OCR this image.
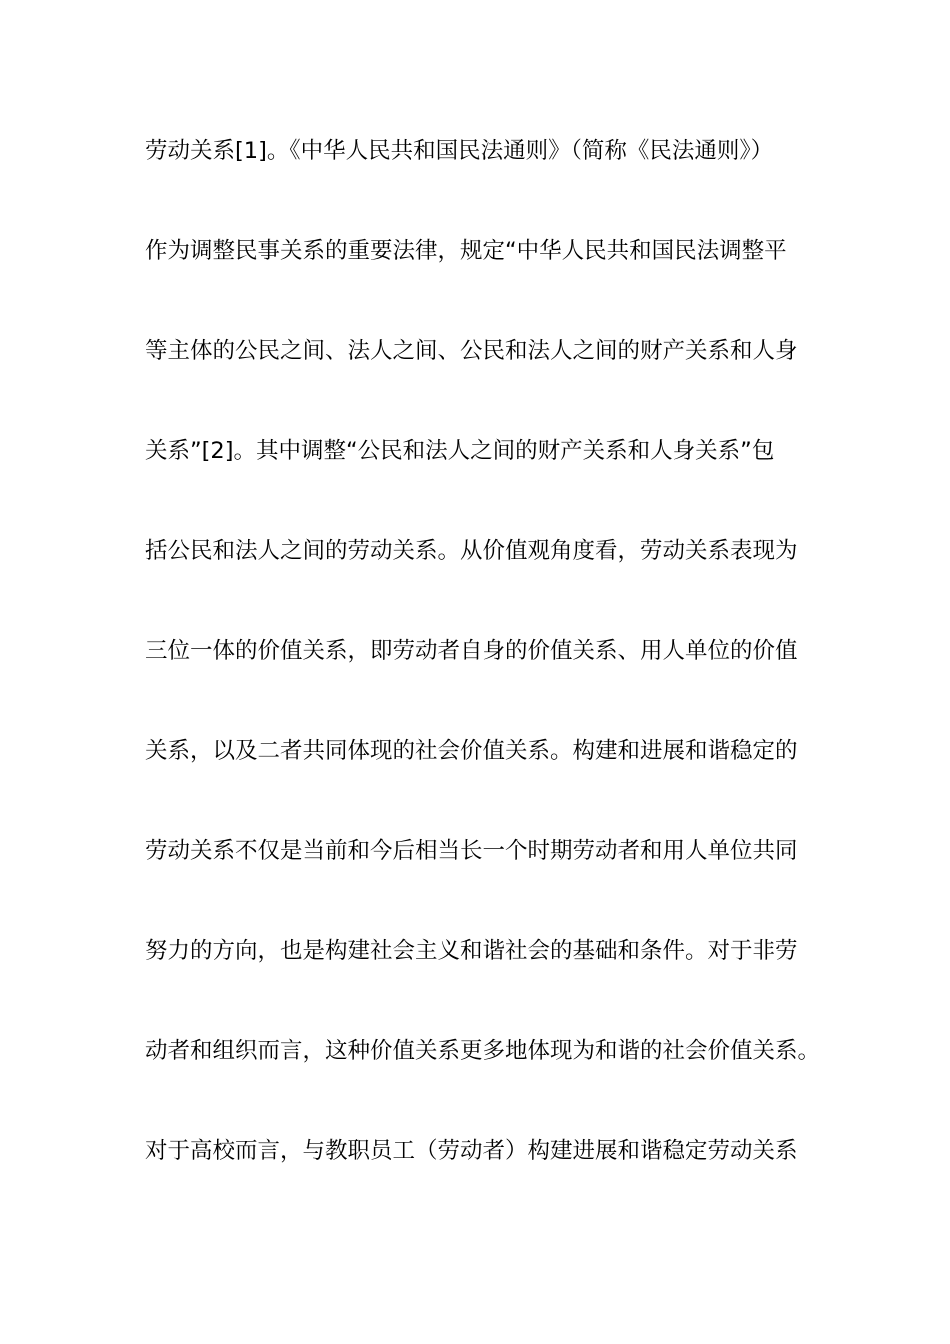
劳动关系[1]。《中华人民共和国民法通则》（简称《民法通则》）
作为调整民事关系的重要法律，规定“中华人民共和国民法调整平
等主体的公民之间、法人之间、公民和法人之间的财产关系和人身
关系”[2]。其中调整“公民和法人之间的财产关系和人身关系”包
括公民和法人之间的劳动关系。从价值观角度看，劳动关系表现为
三位一体的价值关系，即劳动者自身的价值关系、用人单位的价值
关系，以及二者共同体现的社会价值关系。构建和进展和谐稳定的
劳动关系不仅是当前和今后相当长一个时期劳动者和用人单位共同
努力的方向，也是构建社会主义和谐社会的基础和条件。对于非劳
动者和组织而言，这种价值关系更多地体现为和谐的社会价值关系。
对于高校而言，与教职员工（劳动者）构建进展和谐稳定劳动关系
